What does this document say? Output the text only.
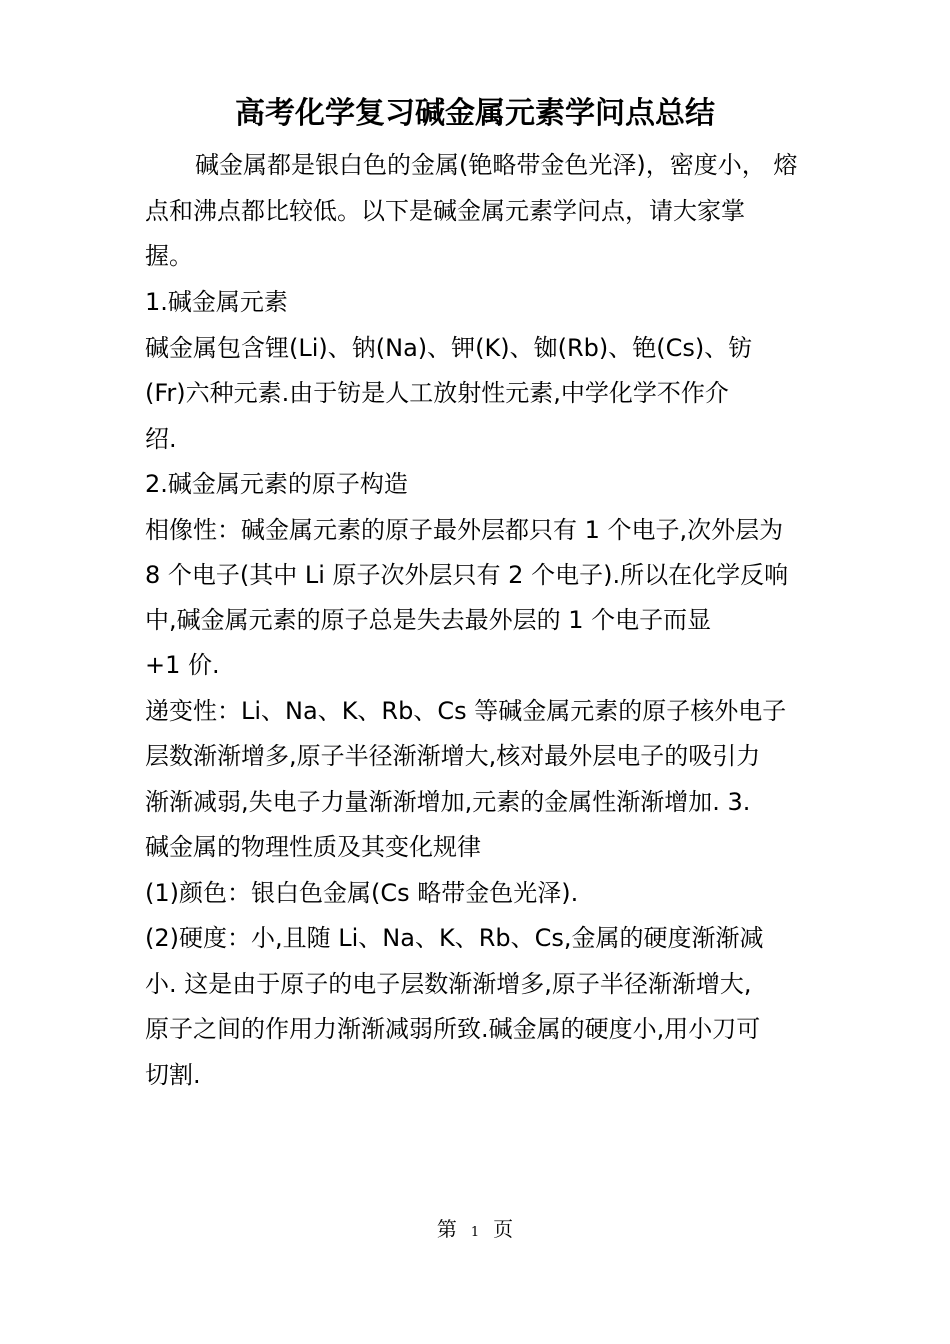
高考化学复习碱金属元素学问点总结
碱金属都是银白色的金属(铯略带金色光泽)，密度小， 熔
点和沸点都比较低。以下是碱金属元素学问点，请大家掌
握。
1.碱金属元素
碱金属包含锂(Li)、钠(Na)、钾(K)、铷(Rb)、铯(Cs)、钫
(Fr)六种元素.由于钫是人工放射性元素,中学化学不作介
绍.
2.碱金属元素的原子构造
相像性：碱金属元素的原子最外层都只有 1 个电子,次外层为
8 个电子(其中 Li 原子次外层只有 2 个电子).所以在化学反响
中,碱金属元素的原子总是失去最外层的 1 个电子而显
+1 价.
递变性：Li、Na、K、Rb、Cs 等碱金属元素的原子核外电子
层数渐渐增多,原子半径渐渐增大,核对最外层电子的吸引力
渐渐减弱,失电子力量渐渐增加,元素的金属性渐渐增加. 3.
碱金属的物理性质及其变化规律
(1)颜色：银白色金属(Cs 略带金色光泽).
(2)硬度：小,且随 Li、Na、K、Rb、Cs,金属的硬度渐渐减
小. 这是由于原子的电子层数渐渐增多,原子半径渐渐增大,
原子之间的作用力渐渐减弱所致.碱金属的硬度小,用小刀可
切割.
第 1 页
